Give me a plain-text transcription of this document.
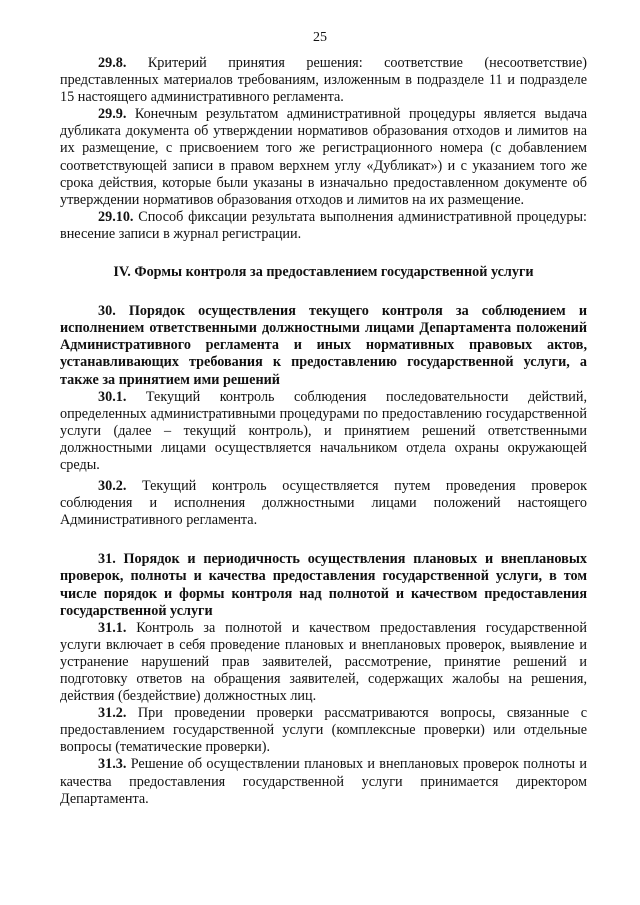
25

29.8. Критерий принятия решения: соответствие (несоответствие) представленных материалов требованиям, изложенным в подразделе 11 и подразделе 15 настоящего административного регламента.

29.9. Конечным результатом административной процедуры является выдача дубликата документа об утверждении нормативов образования отходов и лимитов на их размещение, с присвоением того же регистрационного номера (с добавлением соответствующей записи в правом верхнем углу «Дубликат») и с указанием того же срока действия, которые были указаны в изначально предоставленном документе об утверждении нормативов образования отходов и лимитов на их размещение.

29.10. Способ фиксации результата выполнения административной процедуры: внесение записи в журнал регистрации.

IV. Формы контроля за предоставлением государственной услуги

30. Порядок осуществления текущего контроля за соблюдением и исполнением ответственными должностными лицами Департамента положений Административного регламента и иных нормативных правовых актов, устанавливающих требования к предоставлению государственной услуги, а также за принятием ими решений

30.1. Текущий контроль соблюдения последовательности действий, определенных административными процедурами по предоставлению государственной услуги (далее – текущий контроль), и принятием решений ответственными должностными лицами осуществляется начальником отдела охраны окружающей среды.

30.2. Текущий контроль осуществляется путем проведения проверок соблюдения и исполнения должностными лицами положений настоящего Административного регламента.

31. Порядок и периодичность осуществления плановых и внеплановых проверок, полноты и качества предоставления государственной услуги, в том числе порядок и формы контроля над полнотой и качеством предоставления государственной услуги

31.1. Контроль за полнотой и качеством предоставления государственной услуги включает в себя проведение плановых и внеплановых проверок, выявление и устранение нарушений прав заявителей, рассмотрение, принятие решений и подготовку ответов на обращения заявителей, содержащих жалобы на решения, действия (бездействие) должностных лиц.

31.2. При проведении проверки рассматриваются вопросы, связанные с предоставлением государственной услуги (комплексные проверки) или отдельные вопросы (тематические проверки).

31.3. Решение об осуществлении плановых и внеплановых проверок полноты и качества предоставления государственной услуги принимается директором Департамента.
